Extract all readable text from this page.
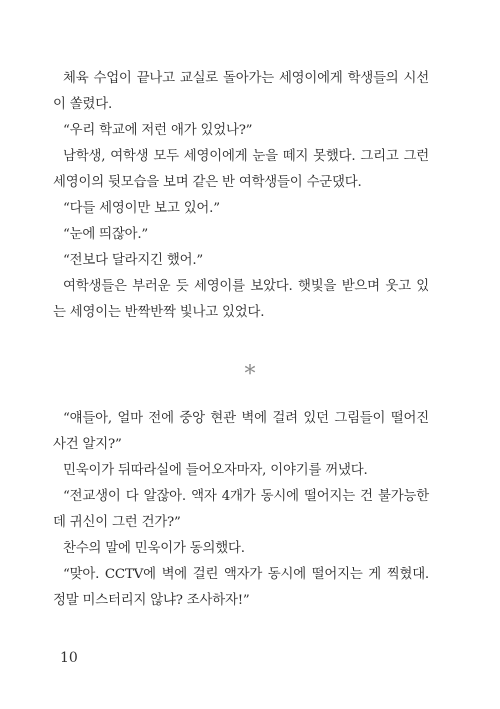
체육 수업이 끝나고 교실로 돌아가는 세영이에게 학생들의 시선이 쏠렸다.

“우리 학교에 저런 애가 있었나?”

남학생, 여학생 모두 세영이에게 눈을 떼지 못했다. 그리고 그런 세영이의 뒷모습을 보며 같은 반 여학생들이 수군댔다.

“다들 세영이만 보고 있어.”

“눈에 띄잖아.”

“전보다 달라지긴 했어.”

여학생들은 부러운 듯 세영이를 보았다. 햇빛을 받으며 웃고 있는 세영이는 반짝반짝 빛나고 있었다.

*

“얘들아, 얼마 전에 중앙 현관 벽에 걸려 있던 그림들이 떨어진 사건 알지?”

민욱이가 뒤따라실에 들어오자마자, 이야기를 꺼냈다.

“전교생이 다 알잖아. 액자 4개가 동시에 떨어지는 건 불가능한데 귀신이 그런 건가?”

찬수의 말에 민욱이가 동의했다.

“맞아. CCTV에 벽에 걸린 액자가 동시에 떨어지는 게 찍혔대. 정말 미스터리지 않냐? 조사하자!”

10
